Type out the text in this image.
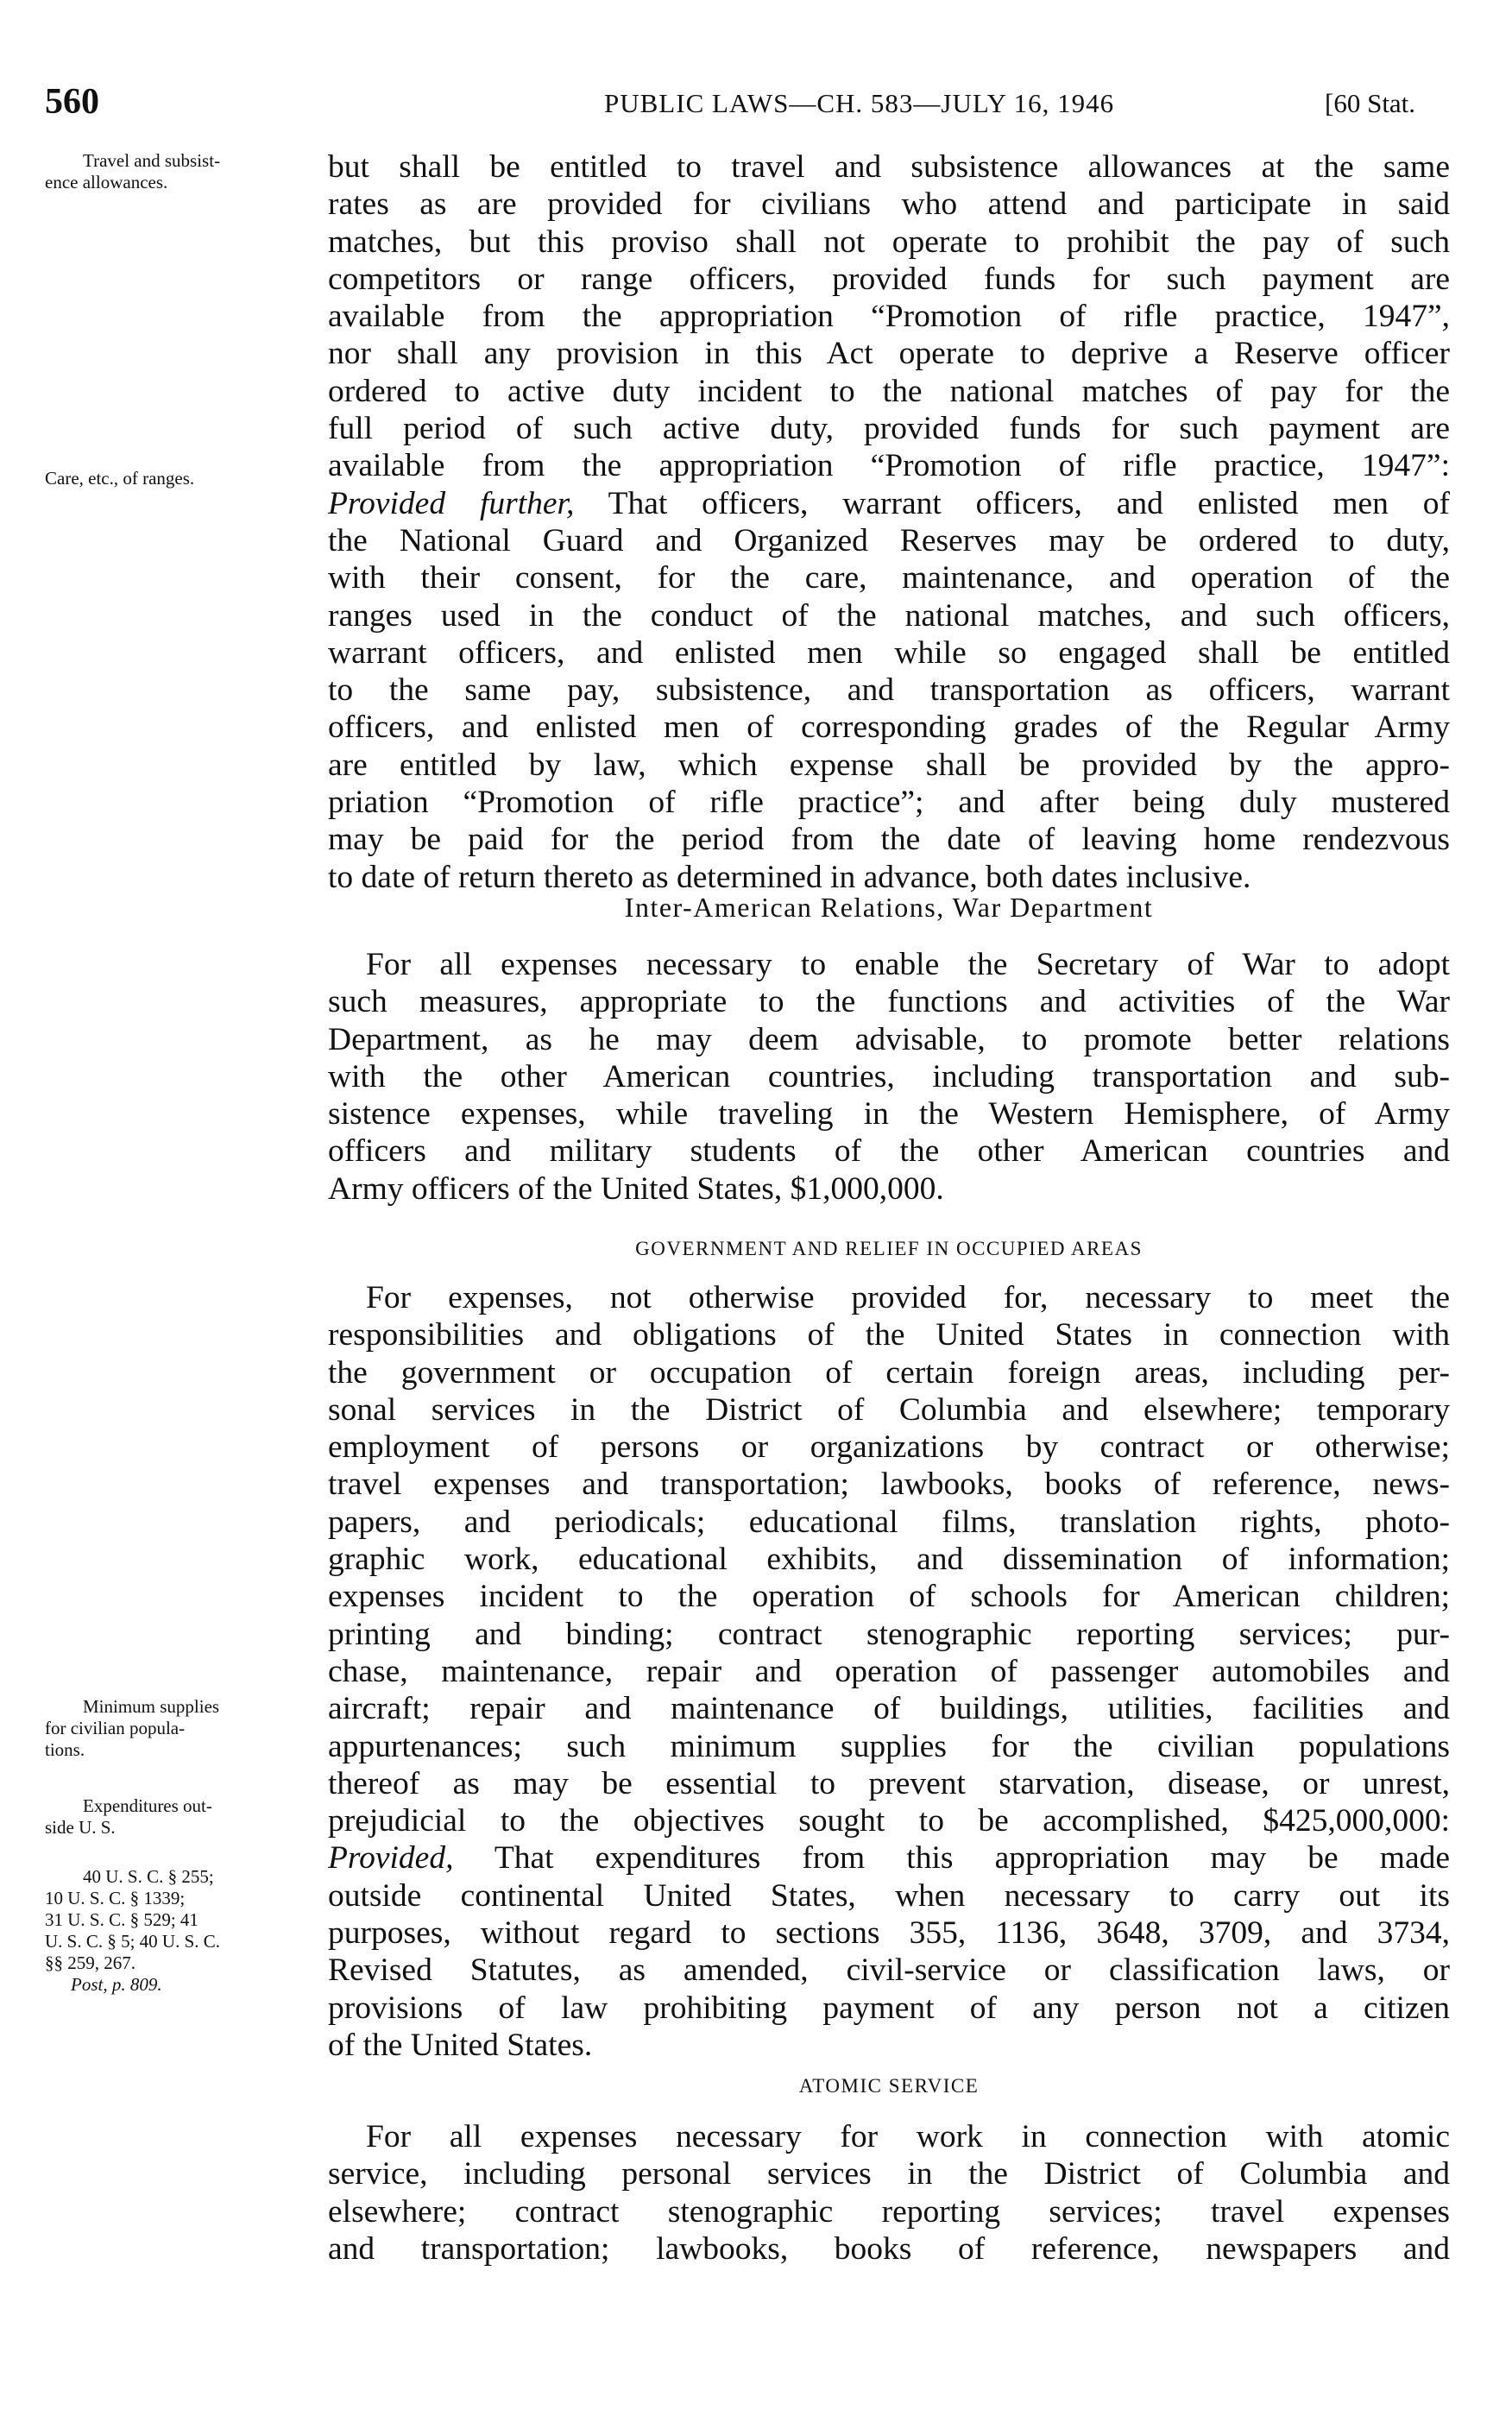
560	PUBLIC LAWS—CH. 583—JULY 16, 1946	[60 Stat.
Travel and subsist-
ence allowances.
Care, etc., of ranges.
Minimum supplies
for civilian popula-
tions.
Expenditures out-
side U. S.
40 U. S. C. § 255;
10 U. S. C. § 1339;
31 U. S. C. § 529; 41
U. S. C. § 5; 40 U. S. C.
§§ 259, 267.
Post, p. 809.

but shall be entitled to travel and subsistence allowances at the same
rates as are provided for civilians who attend and participate in said
matches, but this proviso shall not operate to prohibit the pay of such
competitors or range officers, provided funds for such payment are
available from the appropriation “Promotion of rifle practice, 1947”,
nor shall any provision in this Act operate to deprive a Reserve officer
ordered to active duty incident to the national matches of pay for the
full period of such active duty, provided funds for such payment are
available from the appropriation “Promotion of rifle practice, 1947”:
Provided further, That officers, warrant officers, and enlisted men of
the National Guard and Organized Reserves may be ordered to duty,
with their consent, for the care, maintenance, and operation of the
ranges used in the conduct of the national matches, and such officers,
warrant officers, and enlisted men while so engaged shall be entitled
to the same pay, subsistence, and transportation as officers, warrant
officers, and enlisted men of corresponding grades of the Regular Army
are entitled by law, which expense shall be provided by the appro-
priation “Promotion of rifle practice”; and after being duly mustered
may be paid for the period from the date of leaving home rendezvous
to date of return thereto as determined in advance, both dates inclusive.

Inter-American Relations, War Department

For all expenses necessary to enable the Secretary of War to adopt
such measures, appropriate to the functions and activities of the War
Department, as he may deem advisable, to promote better relations
with the other American countries, including transportation and sub-
sistence expenses, while traveling in the Western Hemisphere, of Army
officers and military students of the other American countries and
Army officers of the United States, $1,000,000.

GOVERNMENT AND RELIEF IN OCCUPIED AREAS

For expenses, not otherwise provided for, necessary to meet the
responsibilities and obligations of the United States in connection with
the government or occupation of certain foreign areas, including per-
sonal services in the District of Columbia and elsewhere; temporary
employment of persons or organizations by contract or otherwise;
travel expenses and transportation; lawbooks, books of reference, news-
papers, and periodicals; educational films, translation rights, photo-
graphic work, educational exhibits, and dissemination of information;
expenses incident to the operation of schools for American children;
printing and binding; contract stenographic reporting services; pur-
chase, maintenance, repair and operation of passenger automobiles and
aircraft; repair and maintenance of buildings, utilities, facilities and
appurtenances; such minimum supplies for the civilian populations
thereof as may be essential to prevent starvation, disease, or unrest,
prejudicial to the objectives sought to be accomplished, $425,000,000:
Provided, That expenditures from this appropriation may be made
outside continental United States, when necessary to carry out its
purposes, without regard to sections 355, 1136, 3648, 3709, and 3734,
Revised Statutes, as amended, civil-service or classification laws, or
provisions of law prohibiting payment of any person not a citizen
of the United States.

ATOMIC SERVICE

For all expenses necessary for work in connection with atomic
service, including personal services in the District of Columbia and
elsewhere; contract stenographic reporting services; travel expenses
and transportation; lawbooks, books of reference, newspapers and
